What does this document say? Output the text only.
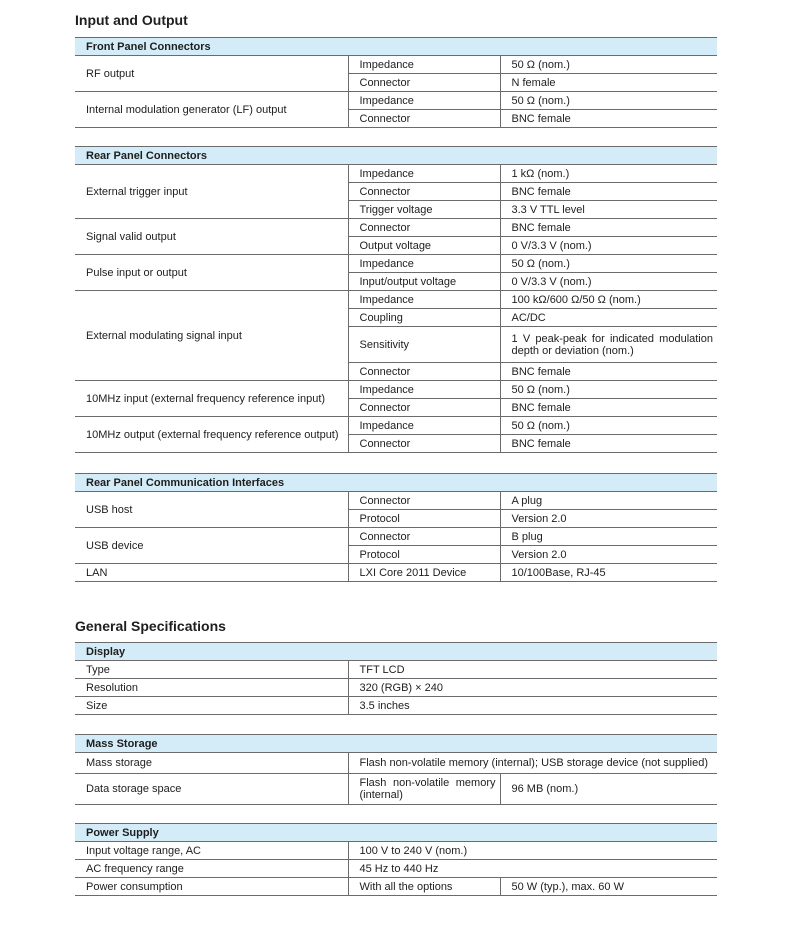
Input and Output
Front Panel Connectors		
RF output	Impedance	50 Ω (nom.)
	Connector	N female
Internal modulation generator (LF) output	Impedance	50 Ω (nom.)
	Connector	BNC female
Rear Panel Connectors		
External trigger input	Impedance	1 kΩ (nom.)
	Connector	BNC female
	Trigger voltage	3.3 V TTL level
Signal valid output	Connector	BNC female
	Output voltage	0 V/3.3 V (nom.)
Pulse input or output	Impedance	50 Ω (nom.)
	Input/output voltage	0 V/3.3 V (nom.)
External modulating signal input	Impedance	100 kΩ/600 Ω/50 Ω (nom.)
	Coupling	AC/DC
	Sensitivity	1 V peak-peak for indicated modulation depth or deviation (nom.)
	Connector	BNC female
10MHz input (external frequency reference input)	Impedance	50 Ω (nom.)
	Connector	BNC female
10MHz output (external frequency reference output)	Impedance	50 Ω (nom.)
	Connector	BNC female
Rear Panel Communication Interfaces		
USB host	Connector	A plug
	Protocol	Version 2.0
USB device	Connector	B plug
	Protocol	Version 2.0
LAN	LXI Core 2011 Device	10/100Base, RJ-45
General Specifications
Display	
Type	TFT LCD
Resolution	320 (RGB) × 240
Size	3.5 inches
Mass Storage		
Mass storage	Flash non-volatile memory (internal); USB storage device (not supplied)	
Data storage space	Flash non-volatile memory (internal)	96 MB (nom.)
Power Supply		
Input voltage range, AC	100 V to 240 V (nom.)	
AC frequency range	45 Hz to 440 Hz	
Power consumption	With all the options	50 W (typ.), max. 60 W
